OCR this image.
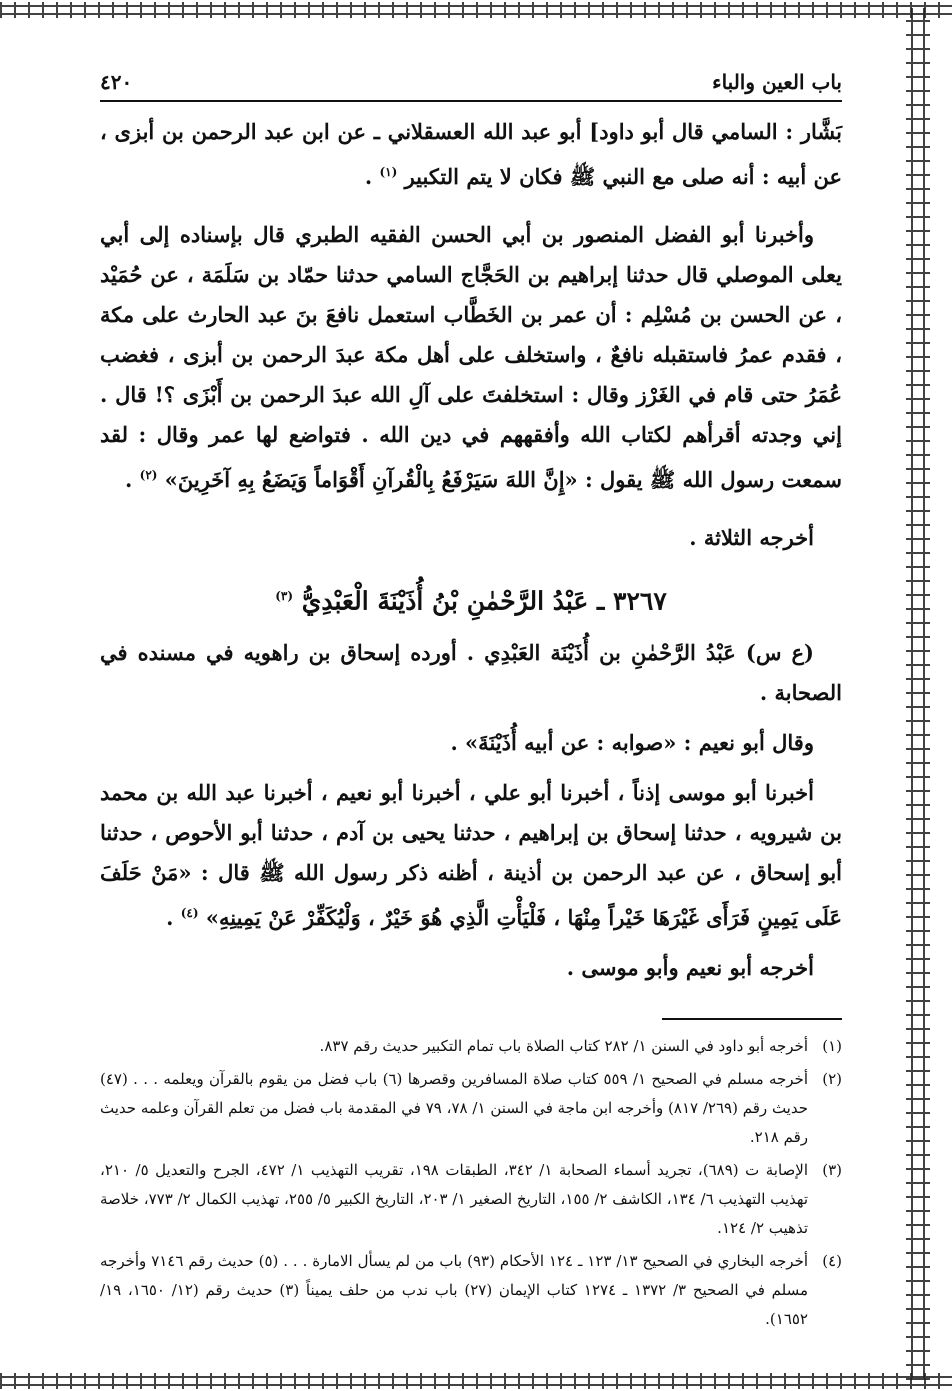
باب العين والباء
٤٢٠

بَشَّار : السامي قال أبو داود] أبو عبد الله العسقلاني ـ عن ابن عبد الرحمن بن أبزى ، عن أبيه : أنه صلى مع النبي ﷺ فكان لا يتم التكبير $^{(١)}$ .

وأخبرنا أبو الفضل المنصور بن أبي الحسن الفقيه الطبري قال بإسناده إلى أبي يعلى الموصلي قال حدثنا إبراهيم بن الحَجَّاج السامي حدثنا حمّاد بن سَلَمَة ، عن حُمَيْد ، عن الحسن بن مُسْلِم : أن عمر بن الخَطَّاب استعمل نافعَ بنَ عبد الحارث على مكة ، فقدم عمرُ فاستقبله نافعٌ ، واستخلف على أهل مكة عبدَ الرحمن بن أبزى ، فغضب عُمَرُ حتى قام في الغَرْز وقال : استخلفتَ على آلِ الله عبدَ الرحمن بن أَبْزَى ؟! قال . إني وجدته أقرأهم لكتاب الله وأفقههم في دين الله . فتواضع لها عمر وقال : لقد سمعت رسول الله ﷺ يقول : «إِنَّ اللهَ سَيَرْفَعُ بِالْقُرآنِ أَقْوَاماً وَيَضَعُ بِهِ آخَرِينَ» $^{(٢)}$ .

أخرجه الثلاثة .

٣٢٦٧ ـ عَبْدُ الرَّحْمٰنِ بْنُ أُذَيْنَةَ الْعَبْدِيُّ $^{(٣)}$

(ع س) عَبْدُ الرَّحْمٰنِ بن أُذَيْنَة العَبْدِي . أورده إسحاق بن راهويه في مسنده في الصحابة .

وقال أبو نعيم : «صوابه : عن أبيه أُذَيْنَةَ» .

أخبرنا أبو موسى إذناً ، أخبرنا أبو علي ، أخبرنا أبو نعيم ، أخبرنا عبد الله بن محمد بن شيرويه ، حدثنا إسحاق بن إبراهيم ، حدثنا يحيى بن آدم ، حدثنا أبو الأحوص ، حدثنا أبو إسحاق ، عن عبد الرحمن بن أذينة ، أظنه ذكر رسول الله ﷺ قال : «مَنْ حَلَفَ عَلَى يَمِينٍ فَرَأَى غَيْرَهَا خَيْراً مِنْهَا ، فَلْيَأْتِ الَّذِي هُوَ خَيْرٌ ، وَلْيُكَفِّرْ عَنْ يَمِينِهِ» $^{(٤)}$ .

أخرجه أبو نعيم وأبو موسى .

(١)أخرجه أبو داود في السنن ١/ ٢٨٢ كتاب الصلاة باب تمام التكبير حديث رقم ٨٣٧.

(٢)أخرجه مسلم في الصحيح ١/ ٥٥٩ كتاب صلاة المسافرين وقصرها (٦) باب فضل من يقوم بالقرآن ويعلمه . . . (٤٧) حديث رقم (٢٦٩/ ٨١٧) وأخرجه ابن ماجة في السنن ١/ ٧٨، ٧٩ في المقدمة باب فضل من تعلم القرآن وعلمه حديث رقم ٢١٨.

(٣)الإصابة ت (٦٨٩)، تجريد أسماء الصحابة ١/ ٣٤٢، الطبقات ١٩٨، تقريب التهذيب ١/ ٤٧٢، الجرح والتعديل ٥/ ٢١٠، تهذيب التهذيب ٦/ ١٣٤، الكاشف ٢/ ١٥٥، التاريخ الصغير ١/ ٢٠٣، التاريخ الكبير ٥/ ٢٥٥، تهذيب الكمال ٢/ ٧٧٣، خلاصة تذهيب ٢/ ١٢٤.

(٤)أخرجه البخاري في الصحيح ١٣/ ١٢٣ ـ ١٢٤ الأحكام (٩٣) باب من لم يسأل الامارة . . . (٥) حديث رقم ٧١٤٦ وأخرجه مسلم في الصحيح ٣/ ١٣٧٢ ـ ١٢٧٤ كتاب الإيمان (٢٧) باب ندب من حلف يميناً (٣) حديث رقم (١٢/ ١٦٥٠، ١٩/ ١٦٥٢).
